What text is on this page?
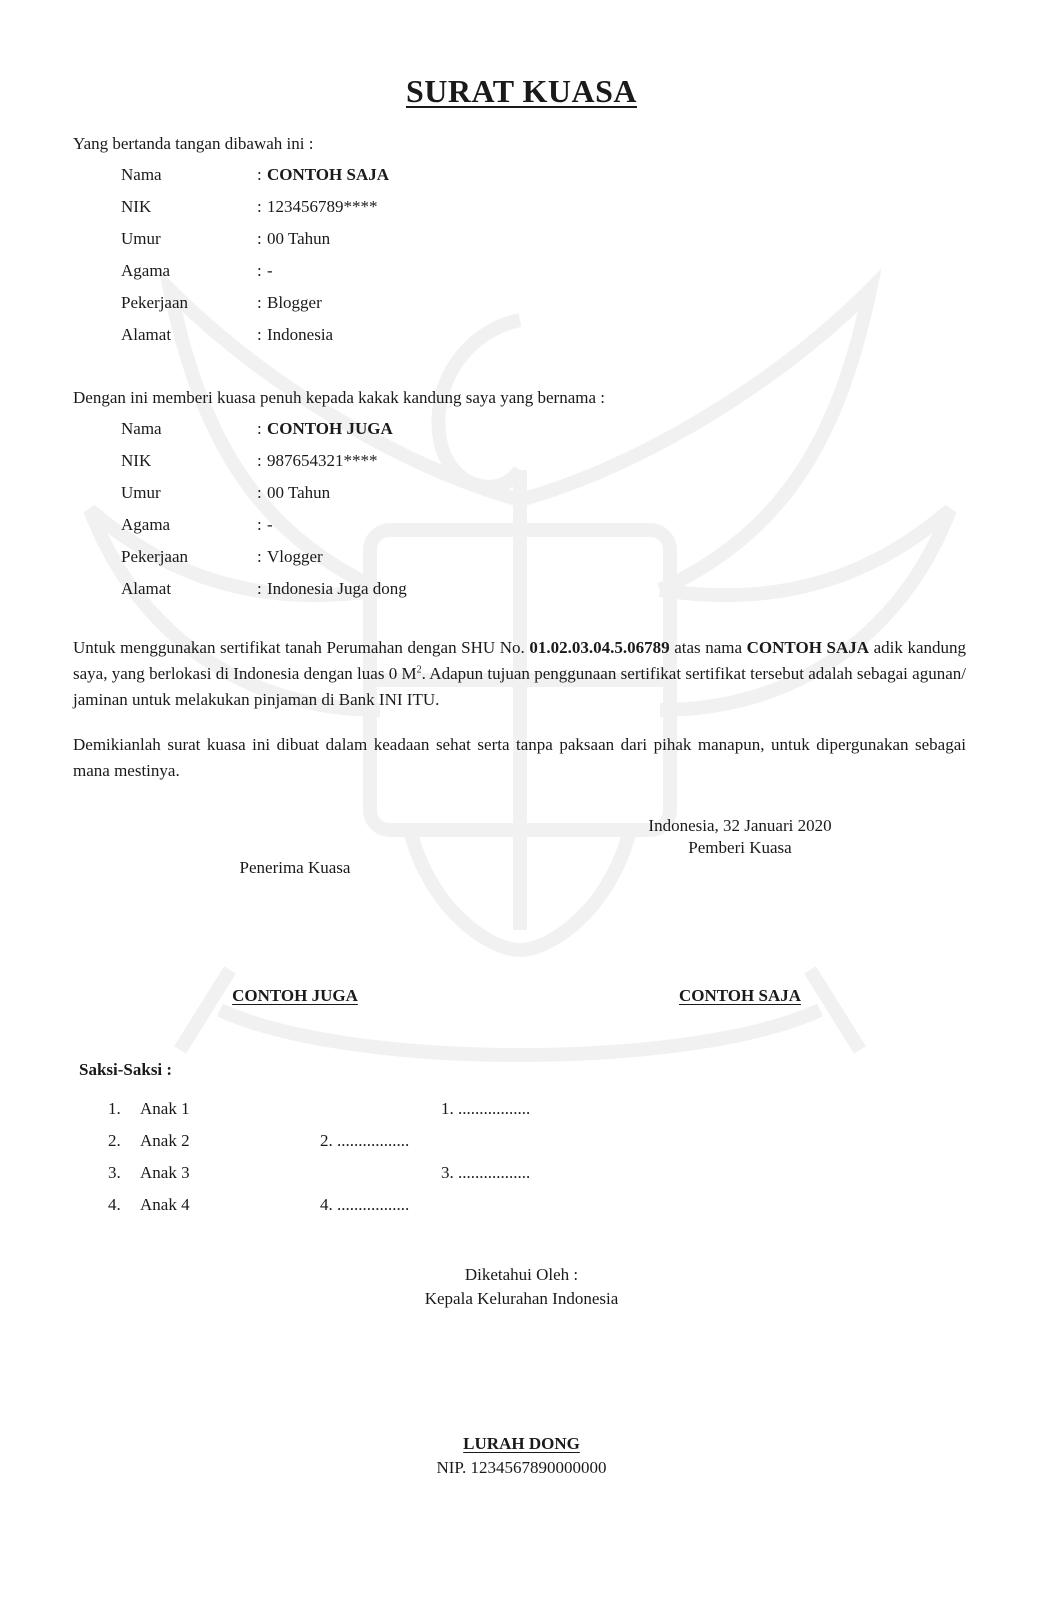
SURAT KUASA
Yang bertanda tangan dibawah ini :
Nama	: CONTOH SAJA
NIK	: 123456789****
Umur	: 00 Tahun
Agama	: -
Pekerjaan	: Blogger
Alamat	: Indonesia
Dengan ini memberi kuasa penuh kepada kakak kandung saya yang bernama :
Nama	: CONTOH JUGA
NIK	: 987654321****
Umur	: 00 Tahun
Agama	: -
Pekerjaan	: Vlogger
Alamat	: Indonesia Juga dong
Untuk menggunakan sertifikat tanah Perumahan dengan SHU No. 01.02.03.04.5.06789 atas nama CONTOH SAJA adik kandung saya, yang berlokasi di Indonesia dengan luas 0 $M^2$. Adapun tujuan penggunaan sertifikat sertifikat tersebut adalah sebagai agunan/ jaminan untuk melakukan pinjaman di Bank INI ITU.
Demikianlah surat kuasa ini dibuat dalam keadaan sehat serta tanpa paksaan dari pihak manapun, untuk dipergunakan sebagai mana mestinya.
Indonesia, 32 Januari 2020
Pemberi Kuasa
Penerima Kuasa
CONTOH JUGA	CONTOH SAJA
Saksi-Saksi :
1. Anak 1	1. .................
2. Anak 2	2. .................
3. Anak 3	3. .................
4. Anak 4	4. .................
Diketahui Oleh :
Kepala Kelurahan Indonesia
LURAH DONG
NIP. 1234567890000000
